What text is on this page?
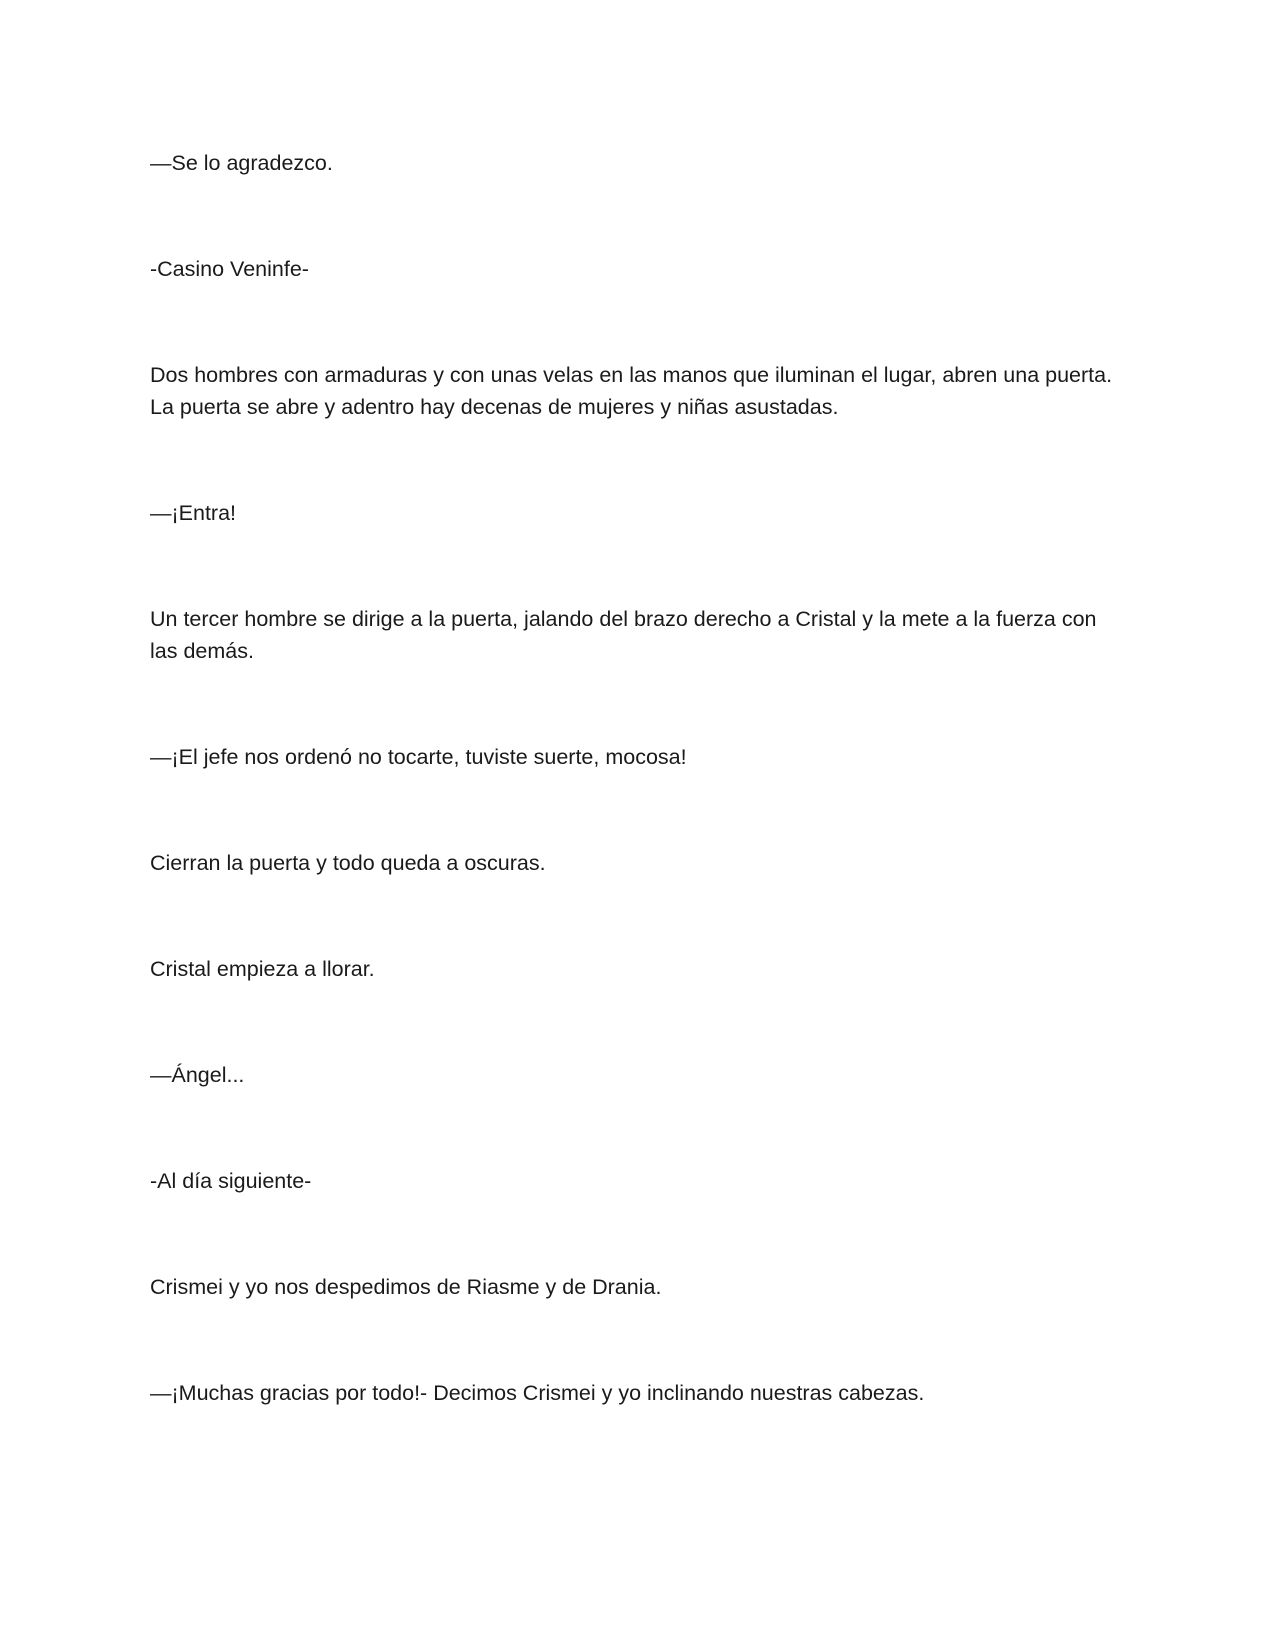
—Se lo agradezco.

-Casino Veninfe-

Dos hombres con armaduras y con unas velas en las manos que iluminan el lugar, abren una puerta. La puerta se abre y adentro hay decenas de mujeres y niñas asustadas.

—¡Entra!

Un tercer hombre se dirige a la puerta, jalando del brazo derecho a Cristal y la mete a la fuerza con las demás.

—¡El jefe nos ordenó no tocarte, tuviste suerte, mocosa!

Cierran la puerta y todo queda a oscuras.

Cristal empieza a llorar.

—Ángel...

-Al día siguiente-

Crismei y yo nos despedimos de Riasme y de Drania.

—¡Muchas gracias por todo!- Decimos Crismei y yo inclinando nuestras cabezas.
